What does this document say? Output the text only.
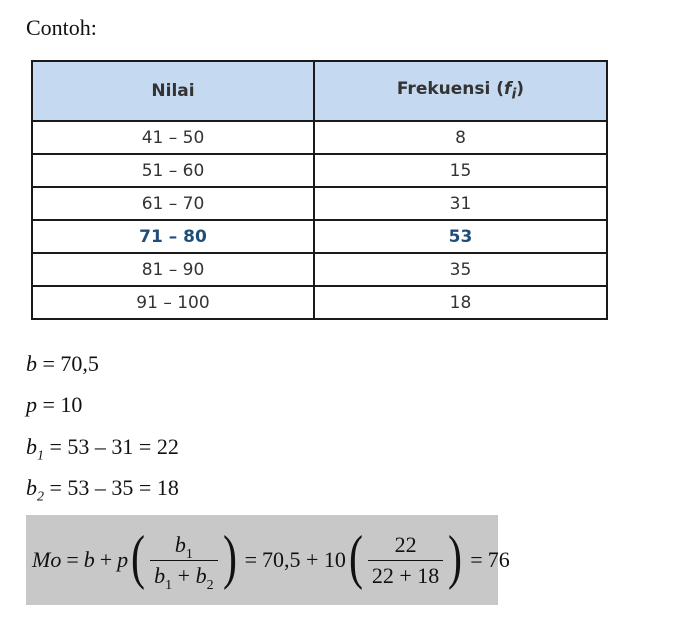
Contoh:
Nilai	Frekuensi $(f_i)$
41 – 50	8
51 – 60	15
61 – 70	31
71 – 80	53
81 – 90	35
91 – 100	18
b = 70,5
p = 10
$b_1 = 53 - 31 = 22$
$b_2 = 53 - 35 = 18$
Mo = b + p ( $\frac{b_1}{b_1 + b_2}$ ) = 70,5 + 10 ( $\frac{22}{22 + 18}$ ) = 76
